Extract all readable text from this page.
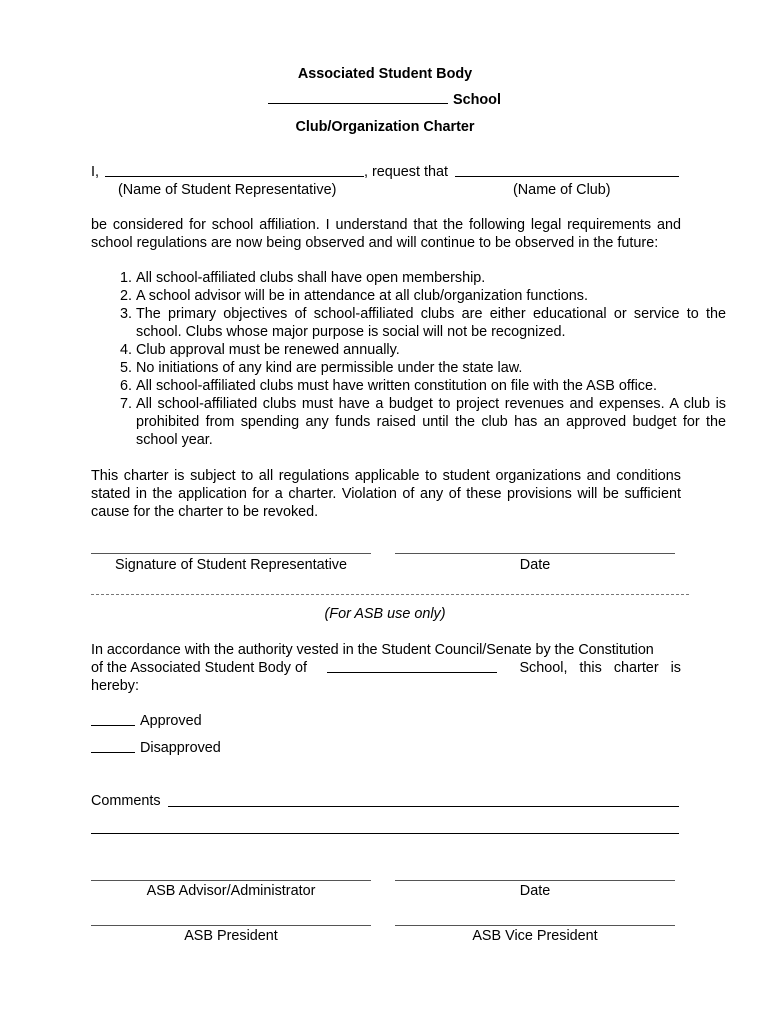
Associated Student Body
School
Club/Organization Charter
I,	, request that
(Name of Student Representative)	(Name of Club)
be considered for school affiliation. I understand that the following legal requirements and school regulations are now being observed and will continue to be observed in the future:
1. All school-affiliated clubs shall have open membership.
2. A school advisor will be in attendance at all club/organization functions.
3. The primary objectives of school-affiliated clubs are either educational or service to the school. Clubs whose major purpose is social will not be recognized.
4. Club approval must be renewed annually.
5. No initiations of any kind are permissible under the state law.
6. All school-affiliated clubs must have written constitution on file with the ASB office.
7. All school-affiliated clubs must have a budget to project revenues and expenses. A club is prohibited from spending any funds raised until the club has an approved budget for the school year.
This charter is subject to all regulations applicable to student organizations and conditions stated in the application for a charter. Violation of any of these provisions will be sufficient cause for the charter to be revoked.
Signature of Student Representative	Date
(For ASB use only)
In accordance with the authority vested in the Student Council/Senate by the Constitution
of the Associated Student Body of	School,   this   charter   is
hereby:
Approved
Disapproved
Comments
ASB Advisor/Administrator	Date
ASB President	ASB Vice President
